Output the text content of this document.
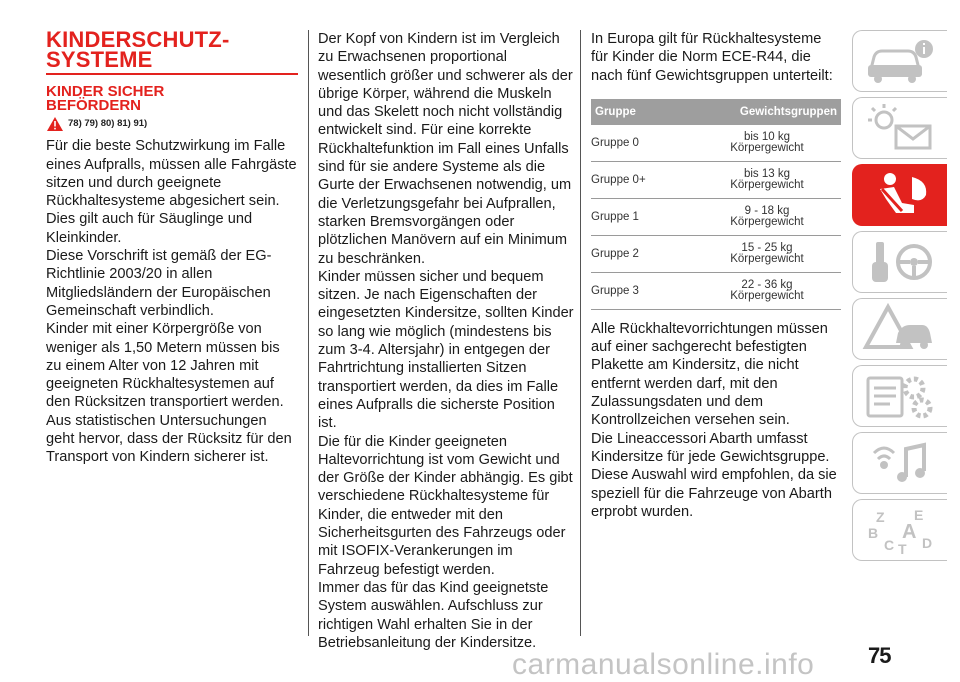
KINDERSCHUTZ-
SYSTEME
KINDER SICHER
BEFÖRDERN
78) 79) 80) 81) 91)

Für die beste Schutzwirkung im Falle eines Aufpralls, müssen alle Fahrgäste sitzen und durch geeignete Rückhaltesysteme abgesichert sein. Dies gilt auch für Säuglinge und Kleinkinder.

Diese Vorschrift ist gemäß der EG-Richtlinie 2003/20 in allen Mitgliedsländern der Europäischen Gemeinschaft verbindlich.

Kinder mit einer Körpergröße von weniger als 1,50 Metern müssen bis zu einem Alter von 12 Jahren mit geeigneten Rückhaltesystemen auf den Rücksitzen transportiert werden.

Aus statistischen Untersuchungen geht hervor, dass der Rücksitz für den Transport von Kindern sicherer ist.

Der Kopf von Kindern ist im Vergleich zu Erwachsenen proportional wesentlich größer und schwerer als der übrige Körper, während die Muskeln und das Skelett noch nicht vollständig entwickelt sind. Für eine korrekte Rückhaltefunktion im Fall eines Unfalls sind für sie andere Systeme als die Gurte der Erwachsenen notwendig, um die Verletzungsgefahr bei Aufprallen, starken Bremsvorgängen oder plötzlichen Manövern auf ein Minimum zu beschränken.

Kinder müssen sicher und bequem sitzen. Je nach Eigenschaften der eingesetzten Kindersitze, sollten Kinder so lang wie möglich (mindestens bis zum 3-4. Altersjahr) in entgegen der Fahrtrichtung installierten Sitzen transportiert werden, da dies im Falle eines Aufpralls die sicherste Position ist.

Die für die Kinder geeigneten Haltevorrichtung ist vom Gewicht und der Größe der Kinder abhängig. Es gibt verschiedene Rückhaltesysteme für Kinder, die entweder mit den Sicherheitsgurten des Fahrzeugs oder mit ISOFIX-Verankerungen im Fahrzeug befestigt werden.

Immer das für das Kind geeignetste System auswählen. Aufschluss zur richtigen Wahl erhalten Sie in der Betriebsanleitung der Kindersitze.

In Europa gilt für Rückhaltesysteme für Kinder die Norm ECE-R44, die nach fünf Gewichtsgruppen unterteilt:

Gruppe	Gewichtsgruppen
Gruppe 0	bis 10 kg
Körpergewicht
Gruppe 0+	bis 13 kg
Körpergewicht
Gruppe 1	9 - 18 kg
Körpergewicht
Gruppe 2	15 - 25 kg
Körpergewicht
Gruppe 3	22 - 36 kg
Körpergewicht

Alle Rückhaltevorrichtungen müssen auf einer sachgerecht befestigten Plakette am Kindersitz, die nicht entfernt werden darf, mit den Zulassungsdaten und dem Kontrollzeichen versehen sein.

Die Lineaccessori Abarth umfasst Kindersitze für jede Gewichtsgruppe. Diese Auswahl wird empfohlen, da sie speziell für die Fahrzeuge von Abarth erprobt wurden.	Z E
B A
C T D
carmanualsonline.info 75
